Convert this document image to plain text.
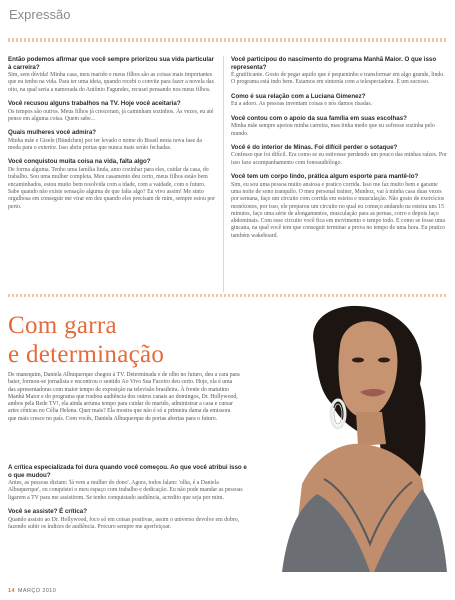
Expressão
Então podemos afirmar que você sempre priorizou sua vida particular à carreira?
Sim, sem dúvida! Minha casa, meu marido e meus filhos são as coisas mais importantes que eu tenho na vida. Para ter uma ideia, quando recebi o convite para fazer a novela das oito, na qual seria a namorada do Antônio Fagundes, recusei pensando nos meus filhos.
Você recusou alguns trabalhos na TV. Hoje você aceitaria?
Os tempos são outros. Meus filhos já cresceram, já caminham sozinhos. Às vezes, eu até penso em alguma coisa. Quem sabe...
Quais mulheres você admira?
Minha mãe e Gisele (Bündchen) por ter levado o nome do Brasil nesta nova fase da moda para o exterior. Isso abriu portas que nunca mais serão fechadas.
Você conquistou muita coisa na vida, falta algo?
De forma alguma. Tenho uma família linda, amo cozinhar para eles, cuidar da casa, do trabalho. Sou uma mulher completa. Meu casamento deu certo, meus filhos estão bem encaminhados, estou muito bem resolvida com a idade, com a vaidade, com o futuro. Sabe quando não existe sensação alguma de que falta algo? Eu vivo assim! Me sinto orgulhosa em conseguir me virar em dez quando eles precisam de mim, sempre estou por perto.
Você participou do nascimento do programa Manhã Maior. O que isso representa?
É gratificante. Gosto de pegar aquilo que é pequeninho e transformar em algo grande, lindo. O programa está indo bem. Estamos em sintonia com a telespectadora. É um sucesso.
Como é sua relação com a Luciana Gimenez?
Eu a adoro. As pessoas inventam coisas e nós damos risadas.
Você contou com o apoio da sua família em suas escolhas?
Minha mãe sempre apoiou minha carreira, mas tinha medo que eu sofresse sozinha pelo mundo.
Você é do interior de Minas. Foi difícil perder o sotaque?
Confesso que foi difícil. Era como se eu estivesse perdendo um pouco das minhas raízes. Por isso fazo acompanhamento com fonoaudiólogo.
Você tem um corpo lindo, prática algum esporte para mantê-lo?
Sim, eu sou uma pessoa muito ansiosa e pratico corrida. Isso me faz muito bem e garante uma noite de sono tranquilo. O meu personal trainer, Munhoz, vai à minha casa duas vezes por semana, faço um circuito com corrida em esteira e musculação. Não gosto de exercícios monótonos, por isso, ele preparou um circuito no qual eu começo andando na esteira uns 15 minutos, faço uma série de alongamentos, musculação para as pernas, corro e depois faço abdominais. Com esse circuito você fica em movimento o tempo todo. E como se fosse uma gincana, na qual você tem que conseguir terminar a prova no tempo de uma hora. Eu pratico também wakeboard.
Com garra
e determinação
De manequim, Daniela Albuquerque chegou à TV. Determinada e de olho no futuro, deu a cara para bater, formou-se jornalista e encontrou o sentido Ao Vivo Sua Faceiro deu certo. Hoje, ela é uma das apresentadoras com maior tempo de exposição na televisão brasileira. À frente do matutino Manhã Maior e do programa que roubou audiência dos outros canais ao domingos, Dr. Hollywood, ambos pela Rede TV!, ela ainda arruma tempo para cuidar do marido, administrar a casa e cursar artes cênicas no Célia Helena. Quer mais? Ela mostra que não é só a primeira dama da emissora que mais cresce no país. Com vocês, Daniela Albuquerque de portas abertas para o futuro.
A crítica especializada foi dura quando você começou. Ao que você atribui isso e o que mudou?
Antes, as pessoas diziam: 'lá vem a mulher do dono'. Agora, todos falam: 'olha, é a Daniela Albuquerque', eu conquistei o meu espaço com trabalho e dedicação. Eu não pode mandar as pessoas ligarem a TV para me assistirem. Se tenho conquistado audiência, acredito que seja por mim.
Você se assiste? É crítica?
Quando assisto ao Dr. Hollywood, foco só em coisas positivas, assim o universo devolve em dobro, fazendo subir os índices de audiência. Procuro sempre me aperfeiçoar.
14 MARÇO 2010
